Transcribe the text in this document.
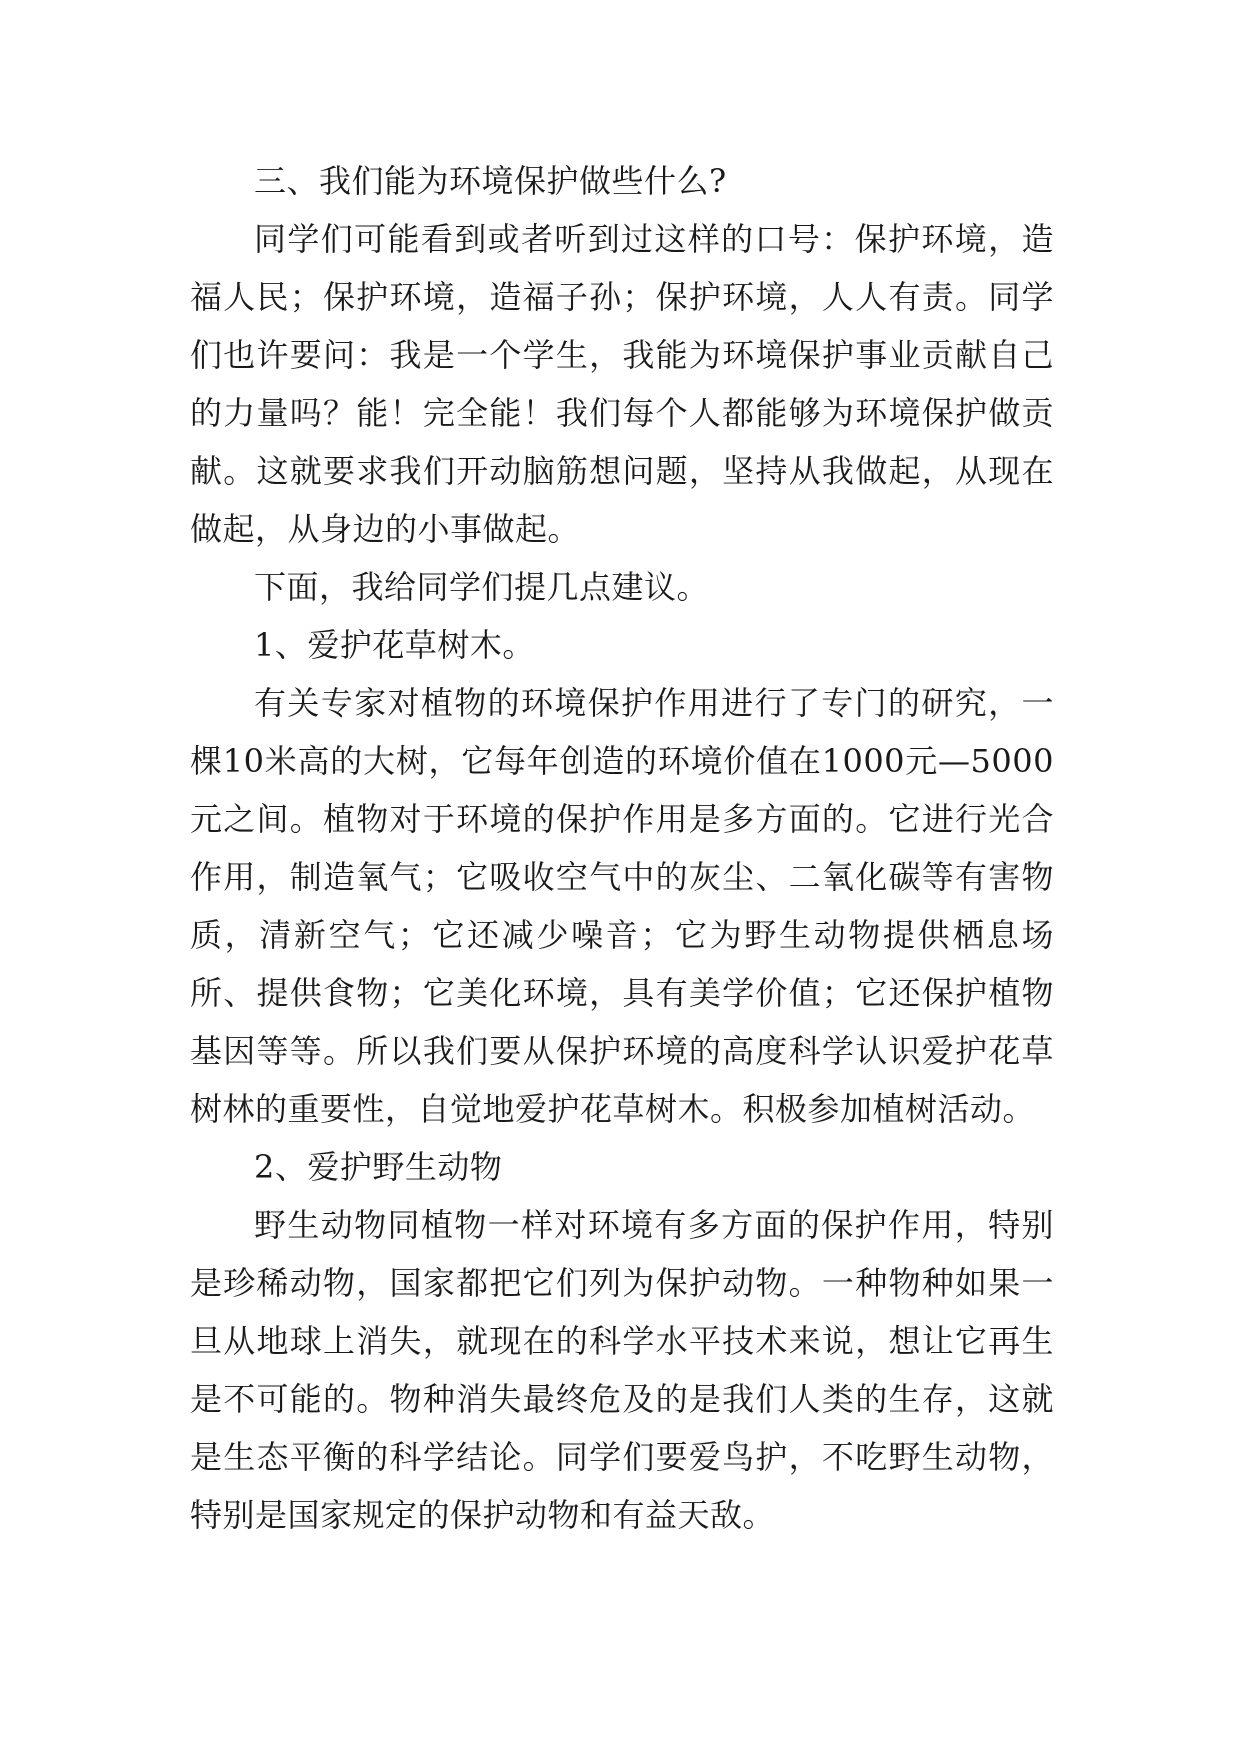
三、我们能为环境保护做些什么?

同学们可能看到或者听到过这样的口号：保护环境，造福人民；保护环境，造福子孙；保护环境，人人有责。同学们也许要问：我是一个学生，我能为环境保护事业贡献自己的力量吗？能！完全能！我们每个人都能够为环境保护做贡献。这就要求我们开动脑筋想问题，坚持从我做起，从现在做起，从身边的小事做起。

下面，我给同学们提几点建议。

1、爱护花草树木。

有关专家对植物的环境保护作用进行了专门的研究，一棵10米高的大树，它每年创造的环境价值在1000元—5000元之间。植物对于环境的保护作用是多方面的。它进行光合作用，制造氧气；它吸收空气中的灰尘、二氧化碳等有害物质，清新空气；它还减少噪音；它为野生动物提供栖息场所、提供食物；它美化环境，具有美学价值；它还保护植物基因等等。所以我们要从保护环境的高度科学认识爱护花草树林的重要性，自觉地爱护花草树木。积极参加植树活动。

2、爱护野生动物

野生动物同植物一样对环境有多方面的保护作用，特别是珍稀动物，国家都把它们列为保护动物。一种物种如果一旦从地球上消失，就现在的科学水平技术来说，想让它再生是不可能的。物种消失最终危及的是我们人类的生存，这就是生态平衡的科学结论。同学们要爱鸟护，不吃野生动物，特别是国家规定的保护动物和有益天敌。
